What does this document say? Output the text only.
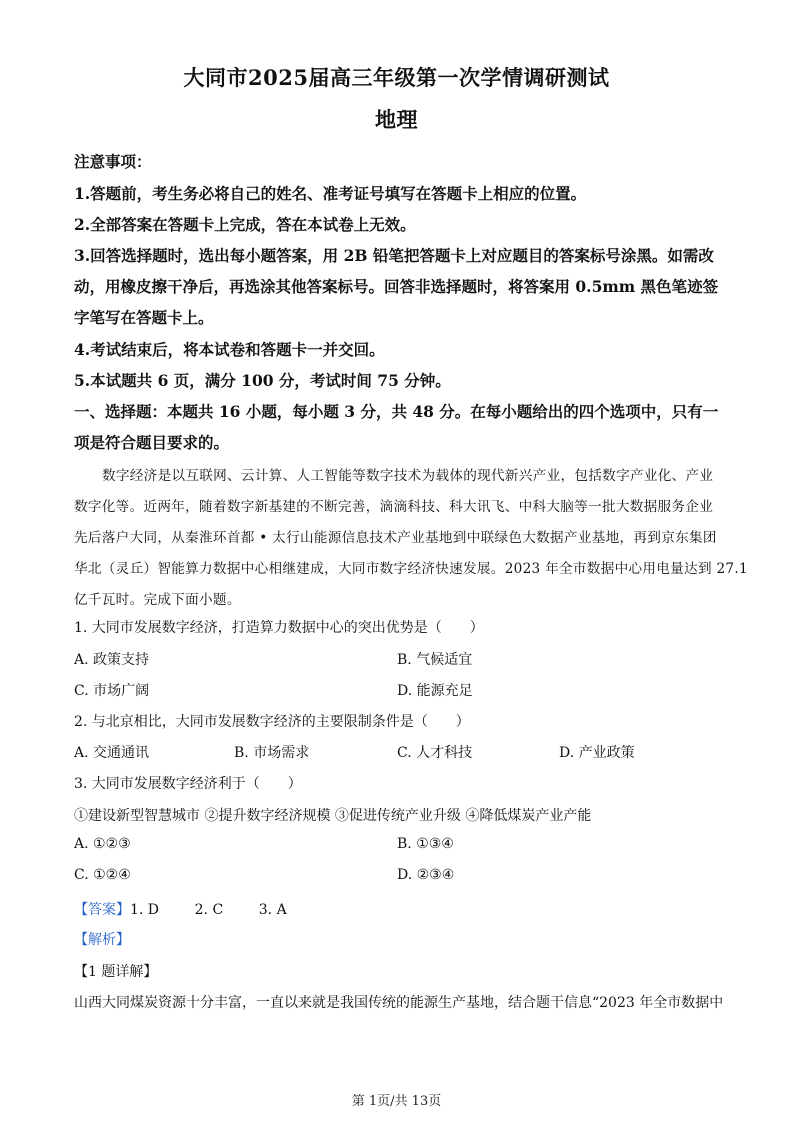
大同市2025届高三年级第一次学情调研测试
地理
注意事项：
1.答题前，考生务必将自己的姓名、准考证号填写在答题卡上相应的位置。
2.全部答案在答题卡上完成，答在本试卷上无效。
3.回答选择题时，选出每小题答案，用 2B 铅笔把答题卡上对应题目的答案标号涂黑。如需改
动，用橡皮擦干净后，再选涂其他答案标号。回答非选择题时，将答案用 0.5mm 黑色笔迹签
字笔写在答题卡上。
4.考试结束后，将本试卷和答题卡一并交回。
5.本试题共 6 页，满分 100 分，考试时间 75 分钟。
一、选择题：本题共 16 小题，每小题 3 分，共 48 分。在每小题给出的四个选项中，只有一
项是符合题目要求的。
数字经济是以互联网、云计算、人工智能等数字技术为载体的现代新兴产业，包括数字产业化、产业
数字化等。近两年，随着数字新基建的不断完善，滴滴科技、科大讯飞、中科大脑等一批大数据服务企业
先后落户大同，从秦淮环首都 • 太行山能源信息技术产业基地到中联绿色大数据产业基地，再到京东集团
华北（灵丘）智能算力数据中心相继建成，大同市数字经济快速发展。2023 年全市数据中心用电量达到 27.1
亿千瓦时。完成下面小题。
1. 大同市发展数字经济，打造算力数据中心的突出优势是（　　）
A. 政策支持	B. 气候适宜
C. 市场广阔	D. 能源充足
2. 与北京相比，大同市发展数字经济的主要限制条件是（　　）
A. 交通通讯	B. 市场需求	C. 人才科技	D. 产业政策
3. 大同市发展数字经济利于（　　）
①建设新型智慧城市 ②提升数字经济规模 ③促进传统产业升级 ④降低煤炭产业产能
A. ①②③	B. ①③④
C. ①②④	D. ②③④
【答案】1. D        2. C        3. A
【解析】
【1 题详解】
山西大同煤炭资源十分丰富，一直以来就是我国传统的能源生产基地，结合题干信息“2023 年全市数据中
第 1页/共 13页
